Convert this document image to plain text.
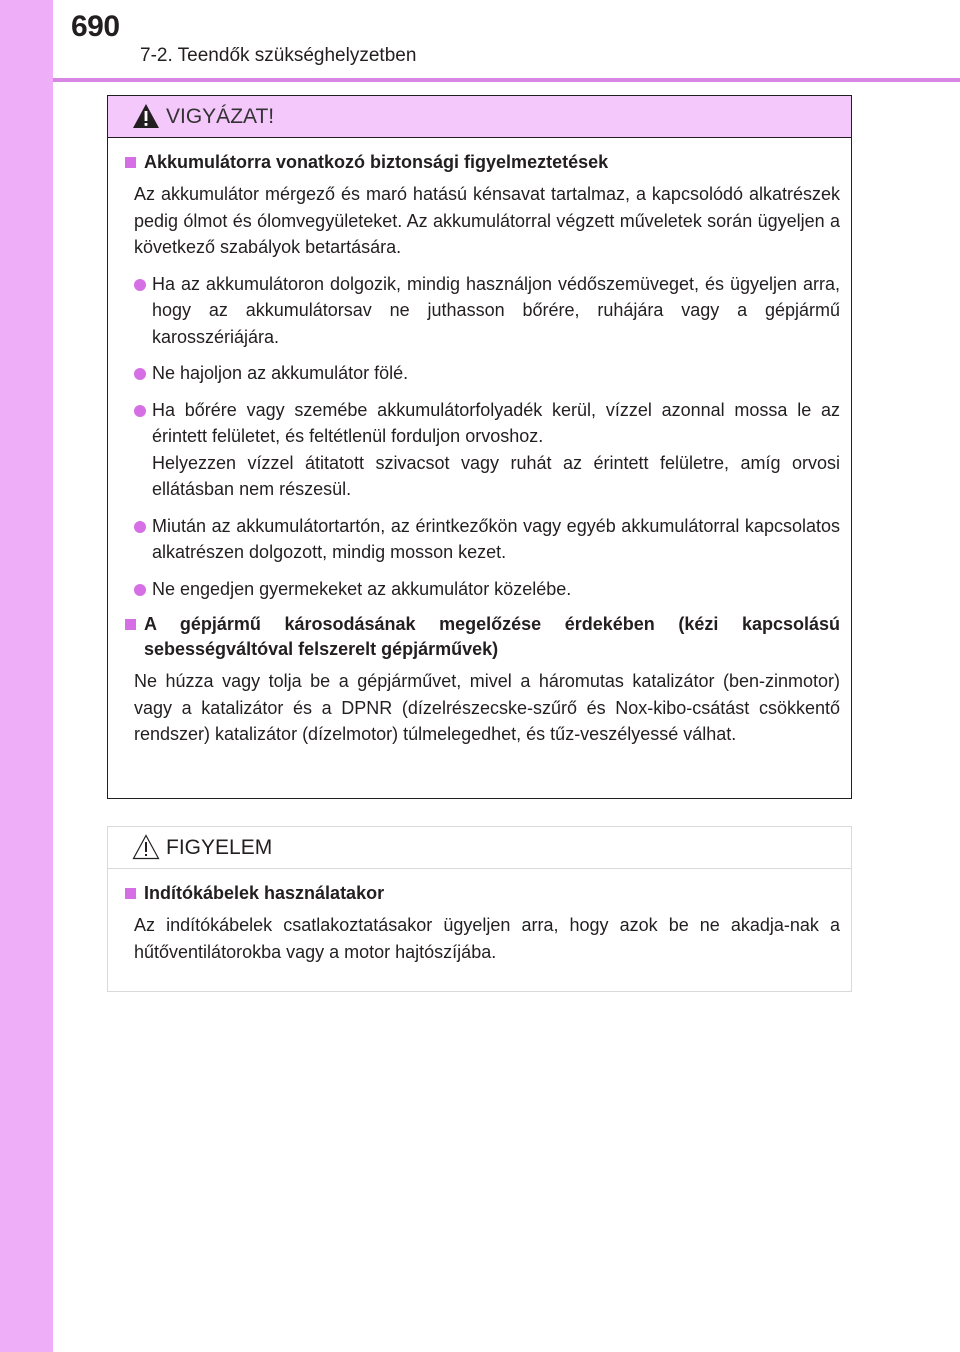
690
7-2. Teendők szükséghelyzetben
VIGYÁZAT!
Akkumulátorra vonatkozó biztonsági figyelmeztetések
Az akkumulátor mérgező és maró hatású kénsavat tartalmaz, a kapcsolódó alkatrészek pedig ólmot és ólomvegyületeket. Az akkumulátorral végzett műveletek során ügyeljen a következő szabályok betartására.

Ha az akkumulátoron dolgozik, mindig használjon védőszemüveget, és ügyeljen arra, hogy az akkumulátorsav ne juthasson bőrére, ruhájára vagy a gépjármű karosszériájára.

Ne hajoljon az akkumulátor fölé.

Ha bőrére vagy szemébe akkumulátorfolyadék kerül, vízzel azonnal mossa le az érintett felületet, és feltétlenül forduljon orvoshoz.

Helyezzen vízzel átitatott szivacsot vagy ruhát az érintett felületre, amíg orvosi ellátásban nem részesül.

Miután az akkumulátortartón, az érintkezőkön vagy egyéb akkumulátorral kapcsolatos alkatrészen dolgozott, mindig mosson kezet.

Ne engedjen gyermekeket az akkumulátor közelébe.

A gépjármű károsodásának megelőzése érdekében (kézi kapcsolású sebességváltóval felszerelt gépjárművek)
Ne húzza vagy tolja be a gépjárművet, mivel a háromutas katalizátor (ben-zinmotor) vagy a katalizátor és a DPNR (dízelrészecske-szűrő és Nox-kibo-csátást csökkentő rendszer) katalizátor (dízelmotor) túlmelegedhet, és tűz-veszélyessé válhat.
FIGYELEM
Indítókábelek használatakor
Az indítókábelek csatlakoztatásakor ügyeljen arra, hogy azok be ne akadja-nak a hűtőventilátorokba vagy a motor hajtószíjába.
